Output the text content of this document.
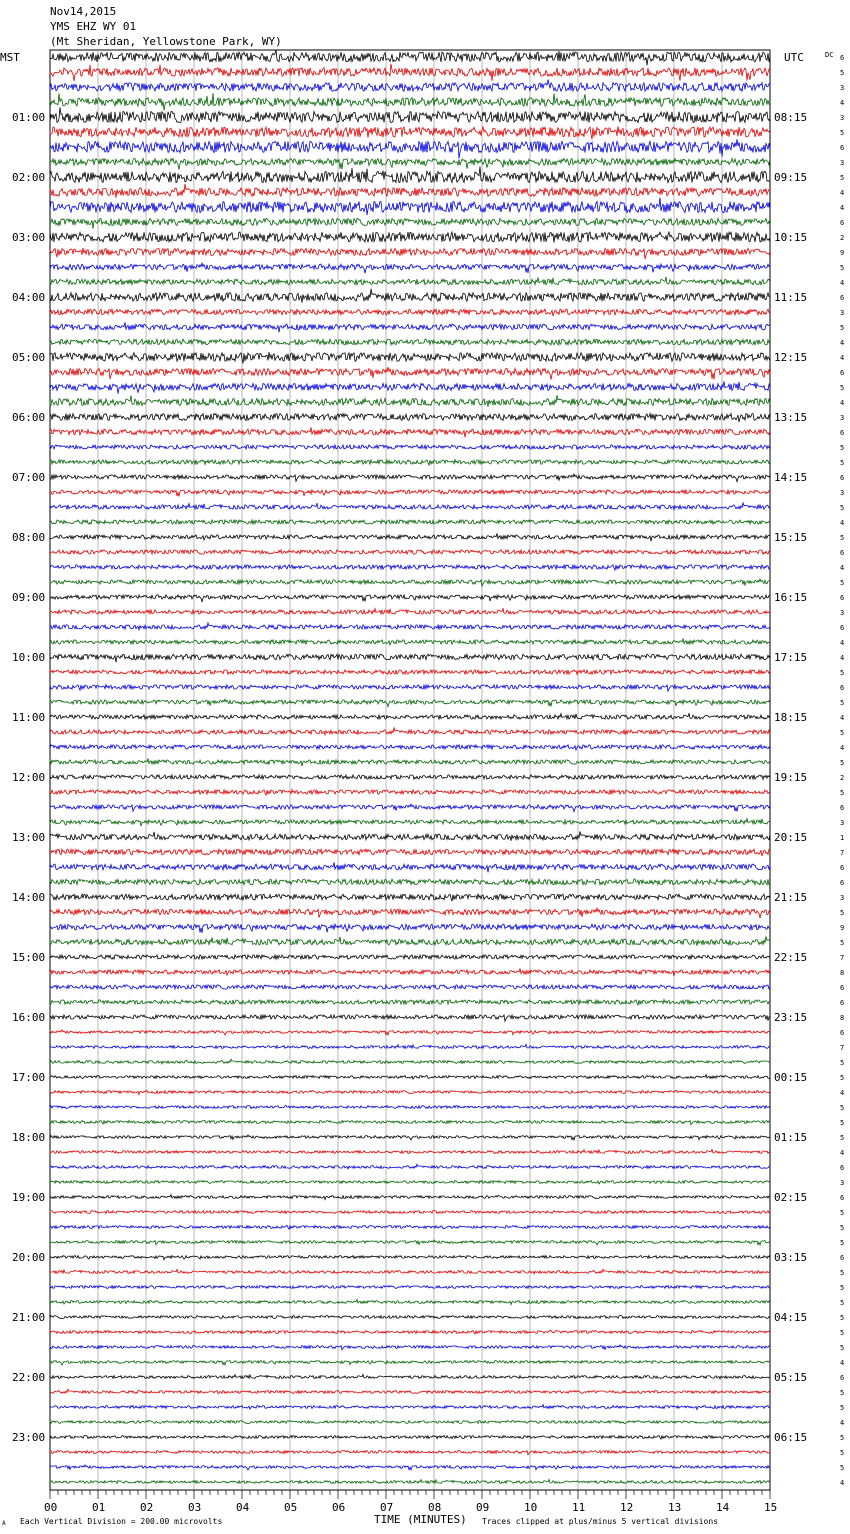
Nov14,2015
YMS EHZ WY 01
(Mt Sheridan, Yellowstone Park, WY)
MST	UTC	DC
01:00
02:00
03:00
04:00
05:00
06:00
07:00
08:00
09:00
10:00
11:00
12:00
13:00
14:00
15:00
16:00
17:00
18:00
19:00
20:00
21:00
22:00
23:00
08:15
09:15
10:15
11:15
12:15
13:15
14:15
15:15
16:15
17:15
18:15
19:15
20:15
21:15
22:15
23:15
00:15
01:15
02:15
03:15
04:15
05:15
06:15
6
5
3
4
3
5
6
3
5
4
4
6
2
9
5
4
6
3
5
4
4
6
5
4
3
6
5
5
6
3
5
4
5
6
4
5
6
3
6
4
4
5
6
5
4
5
4
5
2
5
6
3
1
7
6
6
3
5
9
5
7
8
6
6
8
6
7
5
5
4
5
5
5
4
6
3
6
5
5
5
6
5
5
5
5
5
5
4
6
5
5
4
5
5
5
4
00	01	02	03	04	05	06	07	08	09	10	11	12	13	14	15
TIME (MINUTES)
A Each Vertical Division = 200.00 microvolts	Traces clipped at plus/minus 5 vertical divisions
